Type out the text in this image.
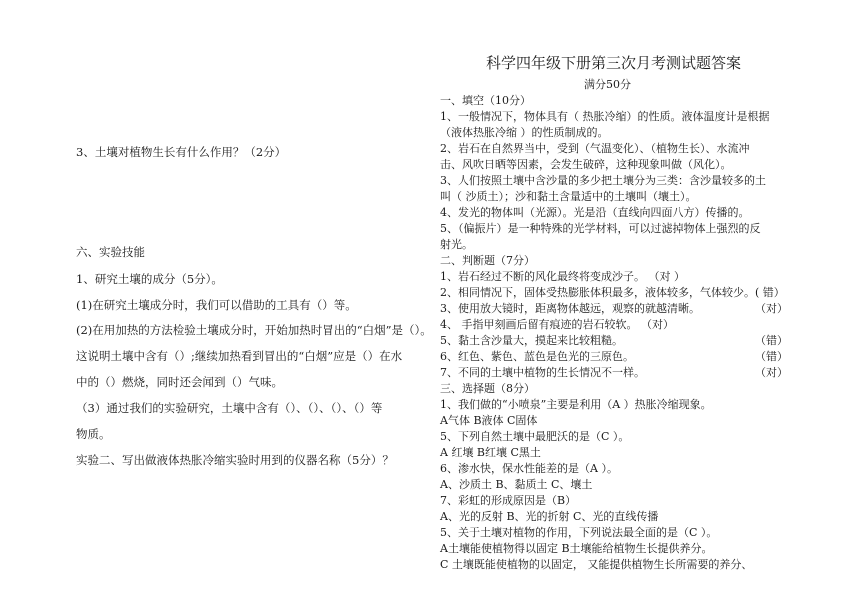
3、土壤对植物生长有什么作用？（2分）
六、实验技能
1、研究土壤的成分（5分）。
(1)在研究土壤成分时，我们可以借助的工具有（）等。
(2)在用加热的方法检验土壤成分时，开始加热时冒出的“白烟”是（）。
这说明土壤中含有（）;继续加热看到冒出的“白烟”应是（）在水
中的（）燃烧，同时还会闻到（）气味。
（3）通过我们的实验研究，土壤中含有（）、（）、（）、（）等
物质。
实验二、写出做液体热胀冷缩实验时用到的仪器名称（5分）？
科学四年级下册第三次月考测试题答案
满分50分
一、填空（10分）
1、一般情况下，物体具有（ 热胀冷缩）的性质。液体温度计是根据
（液体热胀冷缩 ）的性质制成的。
2、岩石在自然界当中，受到（气温变化）、（植物生长）、水流冲
击、风吹日晒等因素，会发生破碎，这种现象叫做（风化）。
3、人们按照土壤中含沙量的多少把土壤分为三类：含沙量较多的土
叫（ 沙质土）；沙和黏土含量适中的土壤叫（壤土）。
4、发光的物体叫（光源）。光是沿（直线向四面八方）传播的。
5、（偏振片）是一种特殊的光学材料，可以过滤掉物体上强烈的反
射光。
二、判断题（7分）
1、岩石经过不断的风化最终将变成沙子。 （对 ）
2、相同情况下，固体受热膨胀体积最多，液体较多，气体较少。( 错）
3、使用放大镜时，距离物体越远，观察的就越清晰。	（对）
4、 手指甲刻画后留有痕迹的岩石较软。 （对）
5、黏土含沙量大，摸起来比较粗糙。	（错）
6、红色、紫色、蓝色是色光的三原色。	（错）
7、不同的土壤中植物的生长情况不一样。	（对）
三、选择题（8分）
1、我们做的“小喷泉”主要是利用（A ）热胀冷缩现象。
A气体 B液体 C固体
5、下列自然土壤中最肥沃的是（C ）。
A 红壤 B红壤 C黑土
6、渗水快，保水性能差的是（A ）。
A、沙质土 B、黏质土 C、壤土
7、彩虹的形成原因是（B）
A、光的反射 B、光的折射 C、光的直线传播
5、关于土壤对植物的作用，下列说法最全面的是（C ）。
A土壤能使植物得以固定 B土壤能给植物生长提供养分。
C 土壤既能使植物的以固定， 又能提供植物生长所需要的养分、
